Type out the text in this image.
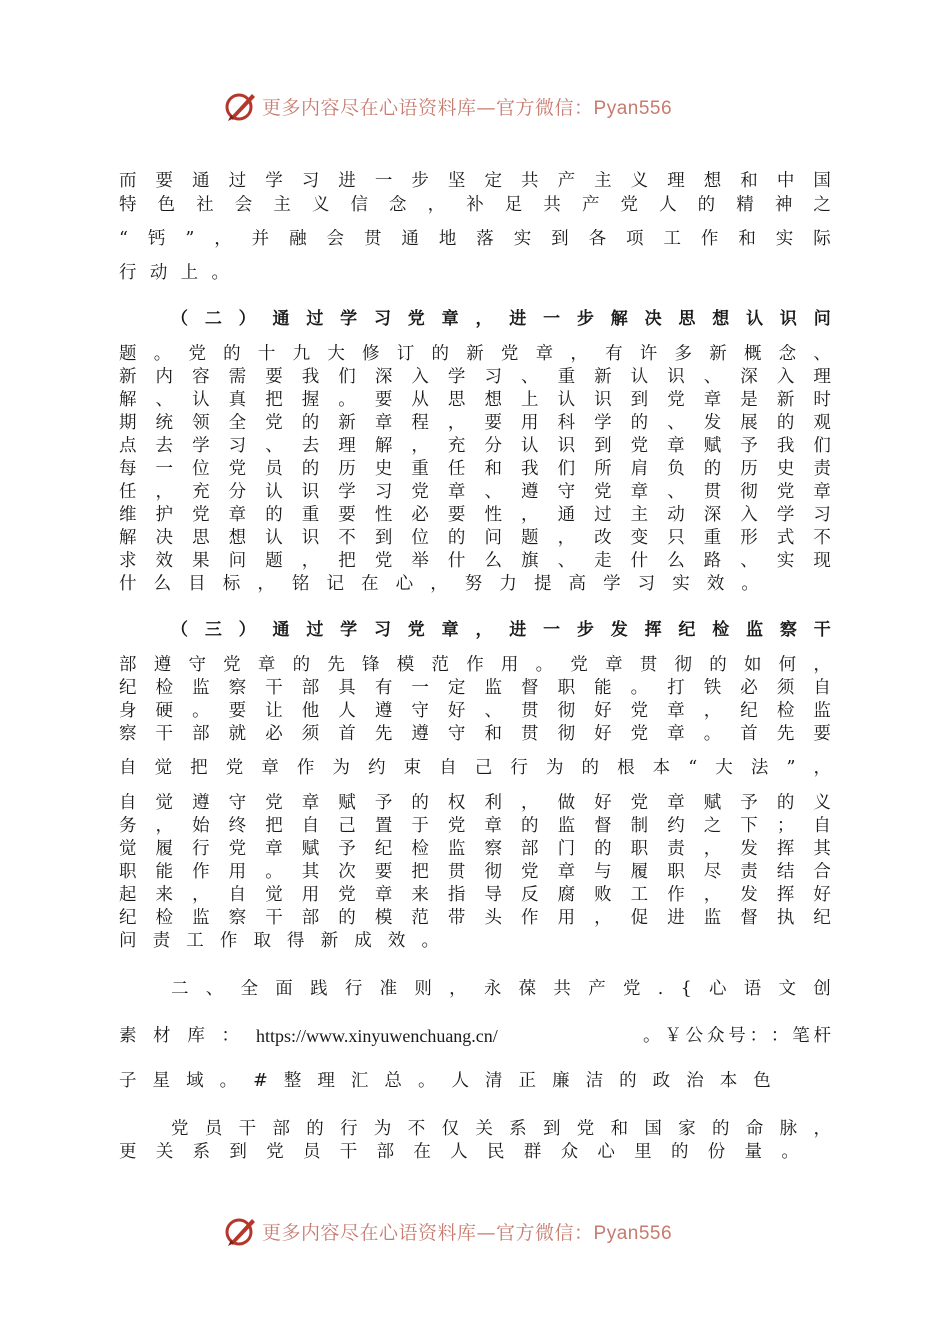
更多内容尽在心语资料库—官方微信：Pyan556
更多内容尽在心语资料库—官方微信：Pyan556
而 要 通 过 学 习 进 一 步 坚 定 共 产 主 义 理 想 和 中 国
特 色 社 会 主 义 信 念 ， 补 足 共 产 党 人 的 精 神 之
“ 钙 ” ， 并 融 会 贯 通 地 落 实 到 各 项 工 作 和 实 际
行 动 上 。
（ 二 ） 通 过 学 习 党 章 ， 进 一 步 解 决 思 想 认 识 问
题 。 党 的 十 九 大 修 订 的 新 党 章 ， 有 许 多 新 概 念 、
新 内 容 需 要 我 们 深 入 学 习 、 重 新 认 识 、 深 入 理
解 、 认 真 把 握 。 要 从 思 想 上 认 识 到 党 章 是 新 时
期 统 领 全 党 的 新 章 程 ， 要 用 科 学 的 、 发 展 的 观
点 去 学 习 、 去 理 解 ， 充 分 认 识 到 党 章 赋 予 我 们
每 一 位 党 员 的 历 史 重 任 和 我 们 所 肩 负 的 历 史 责
任 ， 充 分 认 识 学 习 党 章 、 遵 守 党 章 、 贯 彻 党 章
维 护 党 章 的 重 要 性 必 要 性 ， 通 过 主 动 深 入 学 习
解 决 思 想 认 识 不 到 位 的 问 题 ， 改 变 只 重 形 式 不
求 效 果 问 题 ， 把 党 举 什 么 旗 、 走 什 么 路 、 实 现
什 么 目 标 ， 铭 记 在 心 ， 努 力 提 高 学 习 实 效 。
（ 三 ） 通 过 学 习 党 章 ， 进 一 步 发 挥 纪 检 监 察 干
部 遵 守 党 章 的 先 锋 模 范 作 用 。 党 章 贯 彻 的 如 何 ，
纪 检 监 察 干 部 具 有 一 定 监 督 职 能 。 打 铁 必 须 自
身 硬 。 要 让 他 人 遵 守 好 、 贯 彻 好 党 章 ， 纪 检 监
察 干 部 就 必 须 首 先 遵 守 和 贯 彻 好 党 章 。 首 先 要
自 觉 把 党 章 作 为 约 束 自 己 行 为 的 根 本 “ 大 法 ” ，
自 觉 遵 守 党 章 赋 予 的 权 利 ， 做 好 党 章 赋 予 的 义
务 ， 始 终 把 自 己 置 于 党 章 的 监 督 制 约 之 下 ； 自
觉 履 行 党 章 赋 予 纪 检 监 察 部 门 的 职 责 ， 发 挥 其
职 能 作 用 。 其 次 要 把 贯 彻 党 章 与 履 职 尽 责 结 合
起 来 ， 自 觉 用 党 章 来 指 导 反 腐 败 工 作 ， 发 挥 好
纪 检 监 察 干 部 的 模 范 带 头 作 用 ， 促 进 监 督 执 纪
问 责 工 作 取 得 新 成 效 。
二 、 全 面 践 行 准 则 ， 永 葆 共 产 党 . { 心 语 文 创
素 材 库 ： https://www.xinyuwenchuang.cn/	。 ￥ 公 众 号 ： ： 笔 杆
子 星 域 。 # 整 理 汇 总 。 人 清 正 廉 洁 的 政 治 本 色
党 员 干 部 的 行 为 不 仅 关 系 到 党 和 国 家 的 命 脉 ，
更 关 系 到 党 员 干 部 在 人 民 群 众 心 里 的 份 量 。
